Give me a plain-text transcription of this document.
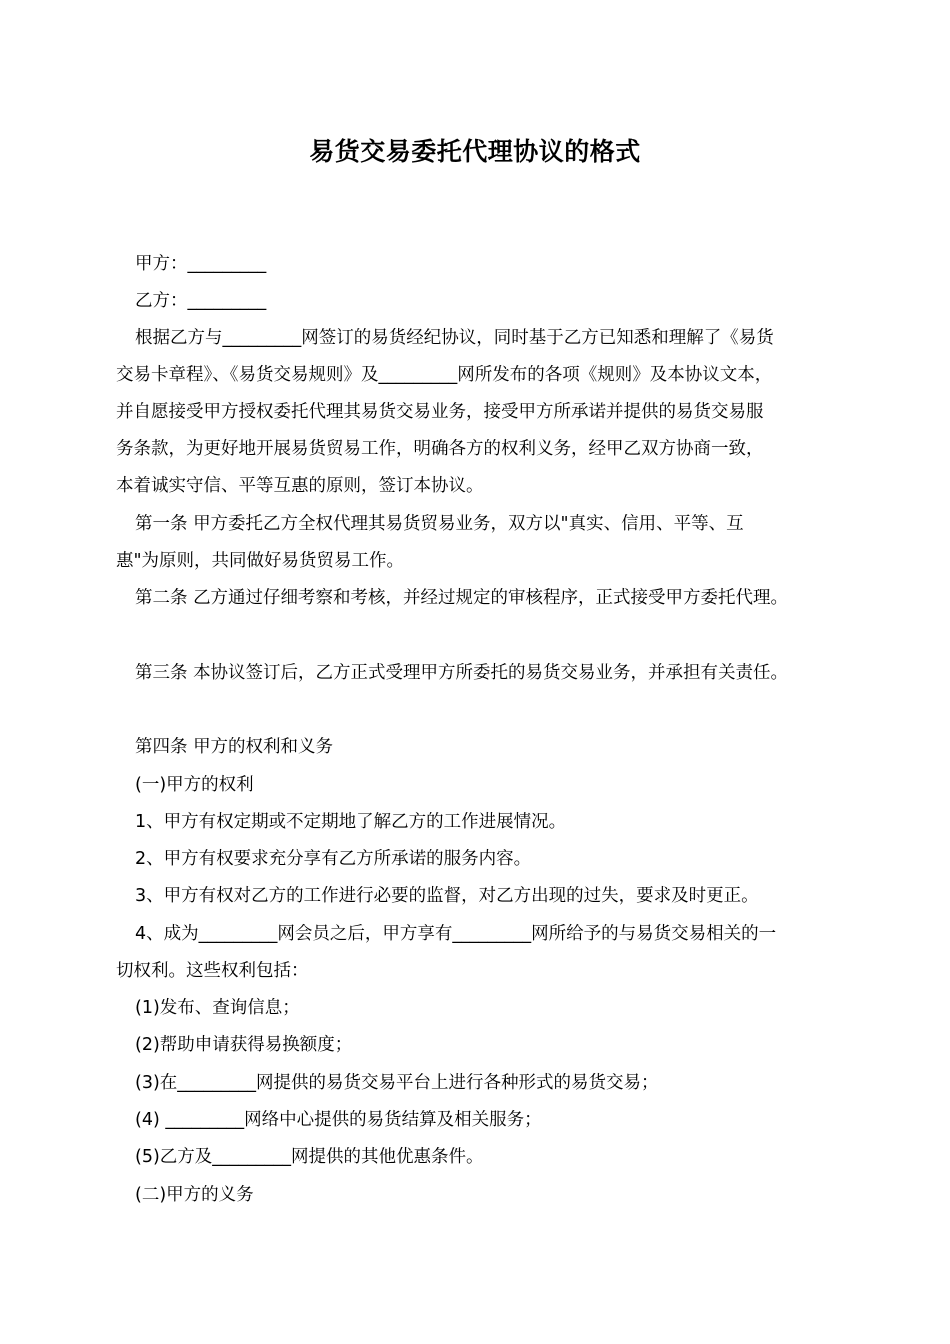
易货交易委托代理协议的格式
甲方：_________
乙方：_________
根据乙方与_________网签订的易货经纪协议，同时基于乙方已知悉和理解了《易货
交易卡章程》、《易货交易规则》及_________网所发布的各项《规则》及本协议文本，
并自愿接受甲方授权委托代理其易货交易业务，接受甲方所承诺并提供的易货交易服
务条款，为更好地开展易货贸易工作，明确各方的权利义务，经甲乙双方协商一致，
本着诚实守信、平等互惠的原则，签订本协议。
第一条 甲方委托乙方全权代理其易货贸易业务，双方以"真实、信用、平等、互
惠"为原则，共同做好易货贸易工作。
第二条 乙方通过仔细考察和考核，并经过规定的审核程序，正式接受甲方委托代理。
第三条 本协议签订后，乙方正式受理甲方所委托的易货交易业务，并承担有关责任。
第四条 甲方的权利和义务
(一)甲方的权利
1、甲方有权定期或不定期地了解乙方的工作进展情况。
2、甲方有权要求充分享有乙方所承诺的服务内容。
3、甲方有权对乙方的工作进行必要的监督，对乙方出现的过失，要求及时更正。
4、成为_________网会员之后，甲方享有_________网所给予的与易货交易相关的一
切权利。这些权利包括：
(1)发布、查询信息；
(2)帮助申请获得易换额度；
(3)在_________网提供的易货交易平台上进行各种形式的易货交易；
(4) _________网络中心提供的易货结算及相关服务；
(5)乙方及_________网提供的其他优惠条件。
(二)甲方的义务
